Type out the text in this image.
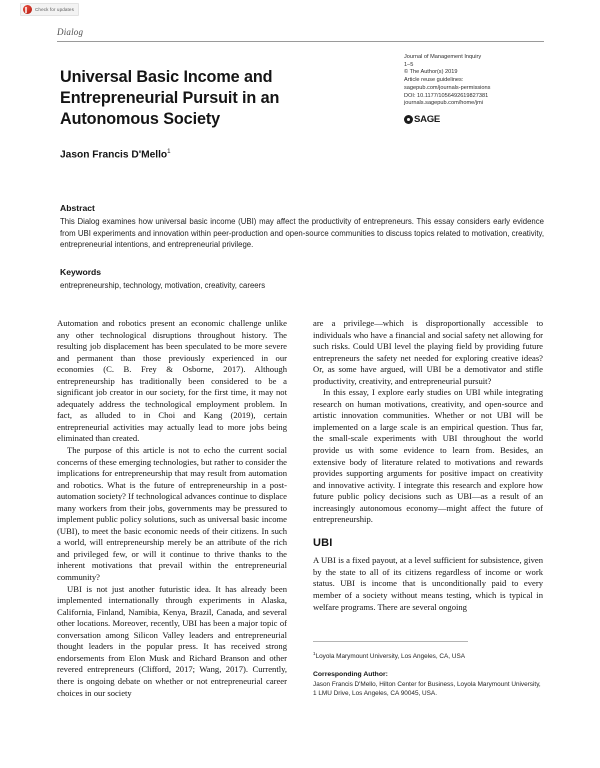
Check for updates
Dialog
Universal Basic Income and Entrepreneurial Pursuit in an Autonomous Society
Jason Francis D'Mello$^1$
Journal of Management Inquiry
1–5
© The Author(s) 2019
Article reuse guidelines:
sagepub.com/journals-permissions
DOI: 10.1177/1056492619827381
journals.sagepub.com/home/jmi
SAGE
Abstract
This Dialog examines how universal basic income (UBI) may affect the productivity of entrepreneurs. This essay considers early evidence from UBI experiments and innovation within peer-production and open-source communities to discuss topics related to motivation, creativity, entrepreneurial intentions, and entrepreneurial privilege.
Keywords
entrepreneurship, technology, motivation, creativity, careers

Automation and robotics present an economic challenge unlike any other technological disruptions throughout history. The resulting job displacement has been speculated to be more severe and permanent than those previously experienced in our economies (C. B. Frey & Osborne, 2017). Although entrepreneurship has traditionally been considered to be a significant job creator in our society, for the first time, it may not adequately address the technological employment problem. In fact, as alluded to in Choi and Kang (2019), certain entrepreneurial activities may actually lead to more jobs being eliminated than created.

The purpose of this article is not to echo the current social concerns of these emerging technologies, but rather to consider the implications for entrepreneurship that may result from automation and robotics. What is the future of entrepreneurship in a post-automation society? If technological advances continue to displace many workers from their jobs, governments may be pressured to implement public policy solutions, such as universal basic income (UBI), to meet the basic economic needs of their citizens. In such a world, will entrepreneurship merely be an attribute of the rich and privileged few, or will it continue to thrive thanks to the inherent motivations that prevail within the entrepreneurial community?

UBI is not just another futuristic idea. It has already been implemented internationally through experiments in Alaska, California, Finland, Namibia, Kenya, Brazil, Canada, and several other locations. Moreover, recently, UBI has been a major topic of conversation among Silicon Valley leaders and entrepreneurial thought leaders in the popular press. It has received strong endorsements from Elon Musk and Richard Branson and other revered entrepreneurs (Clifford, 2017; Wang, 2017). Currently, there is ongoing debate on whether or not entrepreneurial career choices in our society

are a privilege—which is disproportionally accessible to individuals who have a financial and social safety net allowing for such risks. Could UBI level the playing field by providing future entrepreneurs the safety net needed for exploring creative ideas? Or, as some have argued, will UBI be a demotivator and stifle productivity, creativity, and entrepreneurial pursuit?

In this essay, I explore early studies on UBI while integrating research on human motivations, creativity, and open-source and artistic innovation communities. Whether or not UBI will be implemented on a large scale is an empirical question. Thus far, the small-scale experiments with UBI throughout the world provide us with some evidence to learn from. Besides, an extensive body of literature related to motivations and rewards provides supporting arguments for positive impact on creativity and innovative activity. I integrate this research and explore how future public policy decisions such as UBI—as a result of an increasingly autonomous economy—might affect the future of entrepreneurship.

UBI

A UBI is a fixed payout, at a level sufficient for subsistence, given by the state to all of its citizens regardless of income or work status. UBI is income that is unconditionally paid to every member of a society without means testing, which is typical in welfare programs. There are several ongoing

$^1$Loyola Marymount University, Los Angeles, CA, USA
Corresponding Author:
Jason Francis D'Mello, Hilton Center for Business, Loyola Marymount University, 1 LMU Drive, Los Angeles, CA 90045, USA.
